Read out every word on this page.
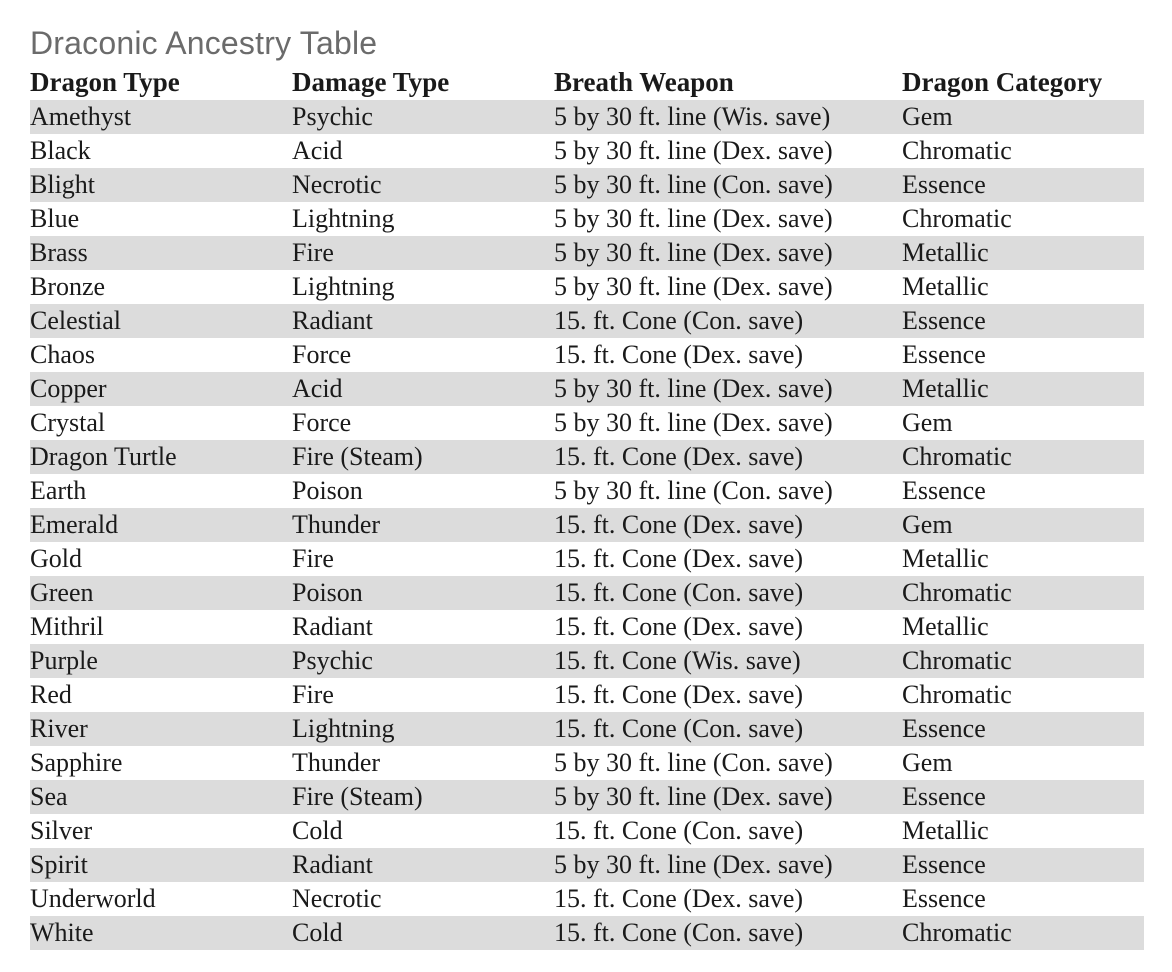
Draconic Ancestry Table
Dragon Type	Damage Type	Breath Weapon	Dragon Category
Amethyst	Psychic	5 by 30 ft. line (Wis. save)	Gem
Black	Acid	5 by 30 ft. line (Dex. save)	Chromatic
Blight	Necrotic	5 by 30 ft. line (Con. save)	Essence
Blue	Lightning	5 by 30 ft. line (Dex. save)	Chromatic
Brass	Fire	5 by 30 ft. line (Dex. save)	Metallic
Bronze	Lightning	5 by 30 ft. line (Dex. save)	Metallic
Celestial	Radiant	15. ft. Cone (Con. save)	Essence
Chaos	Force	15. ft. Cone (Dex. save)	Essence
Copper	Acid	5 by 30 ft. line (Dex. save)	Metallic
Crystal	Force	5 by 30 ft. line (Dex. save)	Gem
Dragon Turtle	Fire (Steam)	15. ft. Cone (Dex. save)	Chromatic
Earth	Poison	5 by 30 ft. line (Con. save)	Essence
Emerald	Thunder	15. ft. Cone (Dex. save)	Gem
Gold	Fire	15. ft. Cone (Dex. save)	Metallic
Green	Poison	15. ft. Cone (Con. save)	Chromatic
Mithril	Radiant	15. ft. Cone (Dex. save)	Metallic
Purple	Psychic	15. ft. Cone (Wis. save)	Chromatic
Red	Fire	15. ft. Cone (Dex. save)	Chromatic
River	Lightning	15. ft. Cone (Con. save)	Essence
Sapphire	Thunder	5 by 30 ft. line (Con. save)	Gem
Sea	Fire (Steam)	5 by 30 ft. line (Dex. save)	Essence
Silver	Cold	15. ft. Cone (Con. save)	Metallic
Spirit	Radiant	5 by 30 ft. line (Dex. save)	Essence
Underworld	Necrotic	15. ft. Cone (Dex. save)	Essence
White	Cold	15. ft. Cone (Con. save)	Chromatic
